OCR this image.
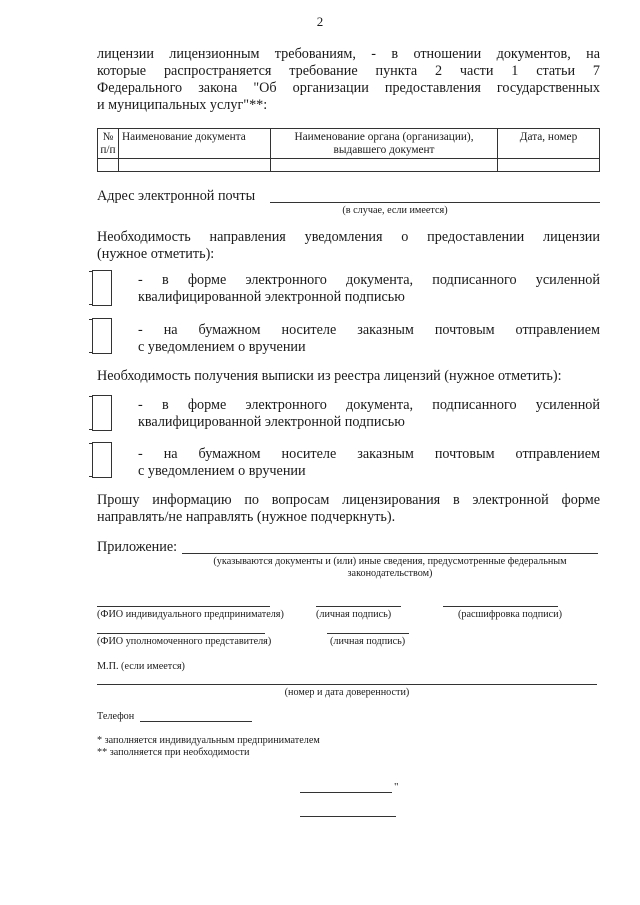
2
лицензии лицензионным требованиям, - в отношении документов, на
которые распространяется требование пункта 2 части 1 статьи 7
Федерального закона "Об организации предоставления государственных
и муниципальных услуг"**:
№ п/п	Наименование документа	Наименование органа (организации), выдавшего документ	Дата, номер

Адрес электронной почты
(в случае, если имеется)
Необходимость направления уведомления о предоставлении лицензии
(нужное отметить):
- в форме электронного документа, подписанного усиленной
квалифицированной электронной подписью
- на бумажном носителе заказным почтовым отправлением
с уведомлением о вручении
Необходимость получения выписки из реестра лицензий (нужное отметить):
- в форме электронного документа, подписанного усиленной
квалифицированной электронной подписью
- на бумажном носителе заказным почтовым отправлением
с уведомлением о вручении
Прошу информацию по вопросам лицензирования в электронной форме
направлять/не направлять (нужное подчеркнуть).
Приложение:
(указываются документы и (или) иные сведения, предусмотренные федеральным
законодательством)
(ФИО индивидуального предпринимателя)	(личная подпись)	(расшифровка подписи)
(ФИО уполномоченного представителя)	(личная подпись)
М.П. (если имеется)
(номер и дата доверенности)
Телефон
* заполняется индивидуальным предпринимателем
** заполняется при необходимости
"
